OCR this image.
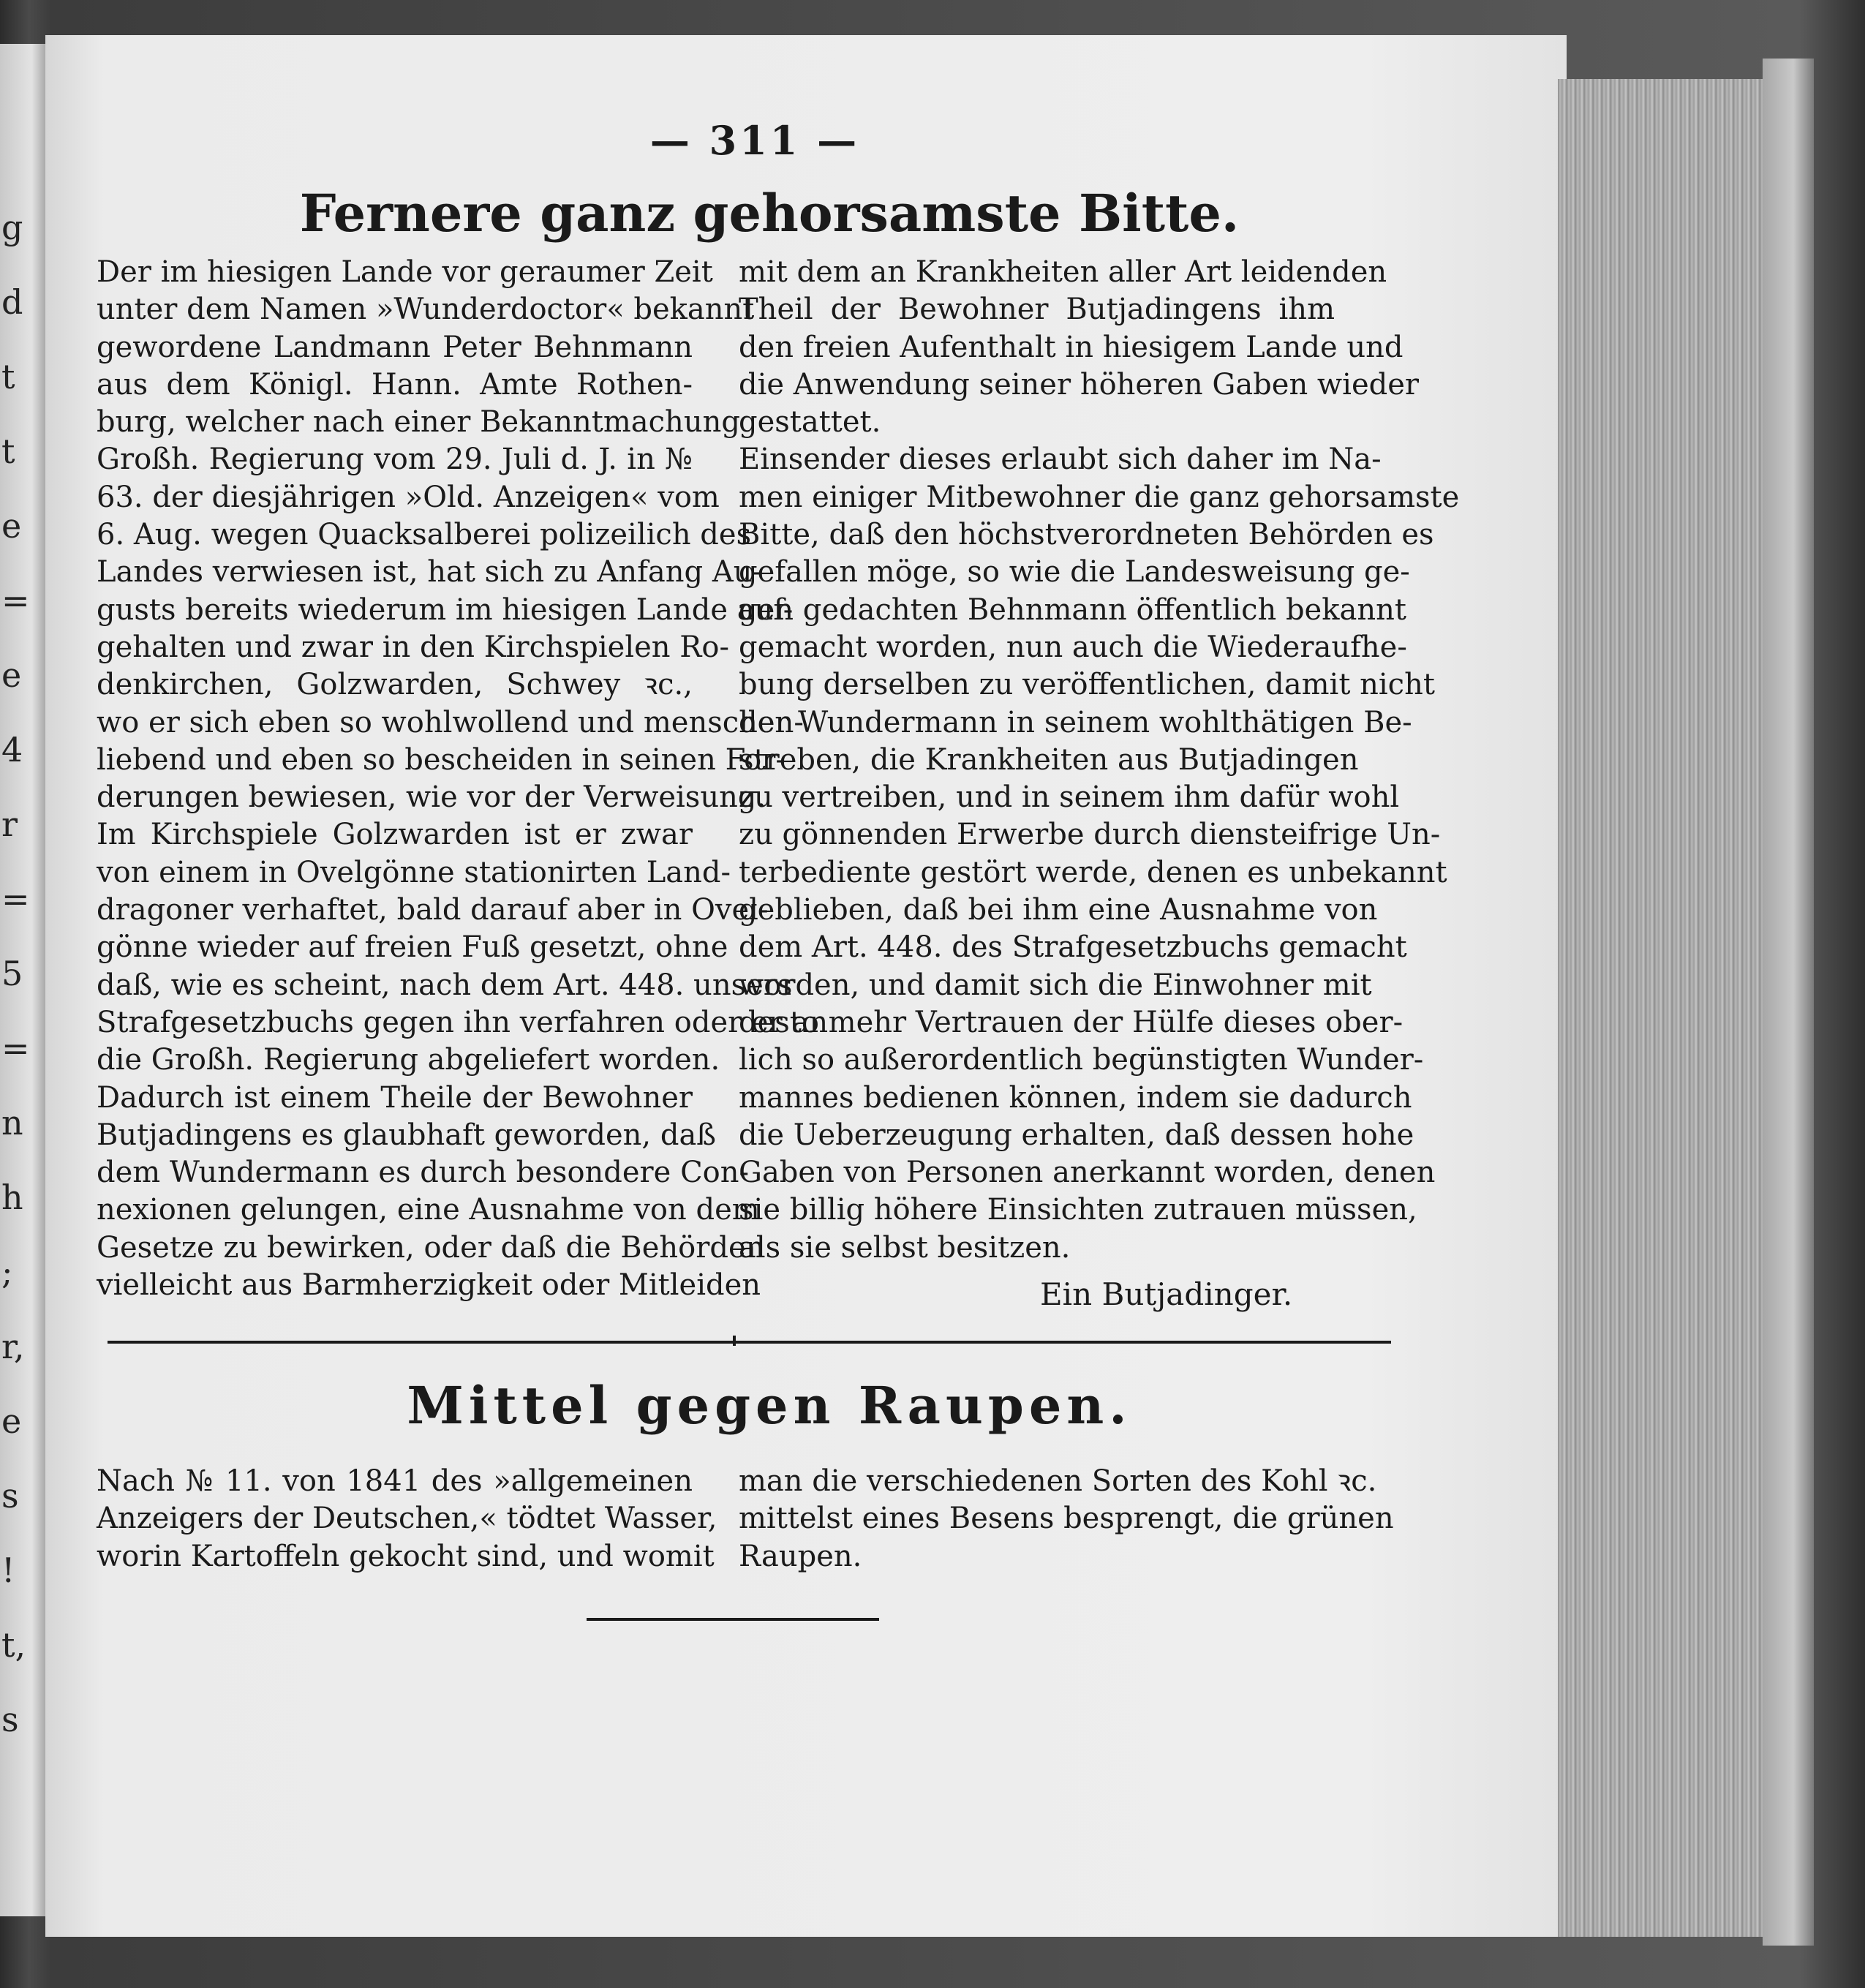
g
d
t
t
e
=
e
4
r
=
5
=
n
h
;
r,
e
s
!
t,
s
— 311 —
Fernere ganz gehorsamste Bitte.
Der im hiesigen Lande vor geraumer Zeit
unter dem Namen »Wunderdoctor« bekannt
gewordene Landmann Peter Behnmann
aus dem Königl. Hann. Amte Rothen-
burg, welcher nach einer Bekanntmachung
Großh. Regierung vom 29. Juli d. J. in №
63. der diesjährigen »Old. Anzeigen« vom
6. Aug. wegen Quacksalberei polizeilich des
Landes verwiesen ist, hat sich zu Anfang Au-
gusts bereits wiederum im hiesigen Lande auf-
gehalten und zwar in den Kirchspielen Ro-
denkirchen, Golzwarden, Schwey ꝛc.,
wo er sich eben so wohlwollend und menschen-
liebend und eben so bescheiden in seinen For-
derungen bewiesen, wie vor der Verweisung.
Im Kirchspiele Golzwarden ist er zwar
von einem in Ovelgönne stationirten Land-
dragoner verhaftet, bald darauf aber in Ovel-
gönne wieder auf freien Fuß gesetzt, ohne
daß, wie es scheint, nach dem Art. 448. unsers
Strafgesetzbuchs gegen ihn verfahren oder er an
die Großh. Regierung abgeliefert worden.
Dadurch ist einem Theile der Bewohner
Butjadingens es glaubhaft geworden, daß
dem Wundermann es durch besondere Con-
nexionen gelungen, eine Ausnahme von dem
Gesetze zu bewirken, oder daß die Behörden
vielleicht aus Barmherzigkeit oder Mitleiden
mit dem an Krankheiten aller Art leidenden
Theil der Bewohner Butjadingens ihm
den freien Aufenthalt in hiesigem Lande und
die Anwendung seiner höheren Gaben wieder
gestattet.
Einsender dieses erlaubt sich daher im Na-
men einiger Mitbewohner die ganz gehorsamste
Bitte, daß den höchstverordneten Behörden es
gefallen möge, so wie die Landesweisung ge-
gen gedachten Behnmann öffentlich bekannt
gemacht worden, nun auch die Wiederaufhe-
bung derselben zu veröffentlichen, damit nicht
der Wundermann in seinem wohlthätigen Be-
streben, die Krankheiten aus Butjadingen
zu vertreiben, und in seinem ihm dafür wohl
zu gönnenden Erwerbe durch diensteifrige Un-
terbediente gestört werde, denen es unbekannt
geblieben, daß bei ihm eine Ausnahme von
dem Art. 448. des Strafgesetzbuchs gemacht
worden, und damit sich die Einwohner mit
desto mehr Vertrauen der Hülfe dieses ober-
lich so außerordentlich begünstigten Wunder-
mannes bedienen können, indem sie dadurch
die Ueberzeugung erhalten, daß dessen hohe
Gaben von Personen anerkannt worden, denen
sie billig höhere Einsichten zutrauen müssen,
als sie selbst besitzen.
Ein Butjadinger.
Mittel gegen Raupen.
Nach № 11. von 1841 des »allgemeinen
Anzeigers der Deutschen,« tödtet Wasser,
worin Kartoffeln gekocht sind, und womit
man die verschiedenen Sorten des Kohl ꝛc.
mittelst eines Besens besprengt, die grünen
Raupen.
